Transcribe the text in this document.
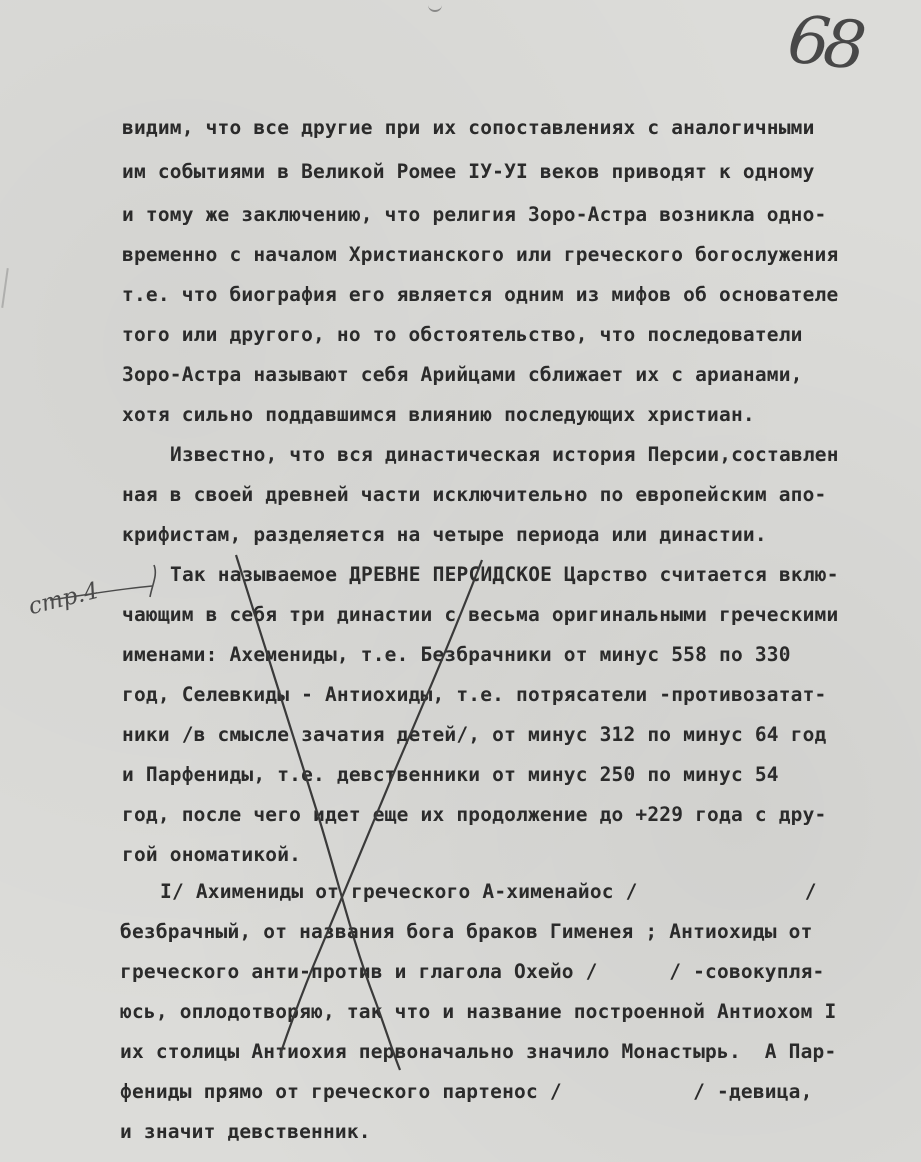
68
стр.4
видим, что все другие при их сопоставлениях с аналогичными
им событиями в Великой Ромее IУ-УI веков приводят к одному
и тому же заключению, что религия Зоро-Астра возникла одно-
временно с началом Христианского или греческого богослужения
т.е. что биография его является одним из мифов об основателе
того или другого, но то обстоятельство, что последователи
Зоро-Астра называют себя Арийцами сближает их с арианами,
хотя сильно поддавшимся влиянию последующих христиан.
Известно, что вся династическая история Персии,составлен
ная в своей древней части исключительно по европейским апо-
крифистам, разделяется на четыре периода или династии.
Так называемое ДРЕВНЕ ПЕРСИДСКОЕ Царство считается вклю-
чающим в себя три династии с весьма оригинальными греческими
именами: Ахемениды, т.е. Безбрачники от минус 558 по 330
год, Селевкиды - Антиохиды, т.е. потрясатели -противозатат-
ники /в смысле зачатия детей/, от минус 312 по минус 64 год
и Парфениды, т.е. девственники от минус 250 по минус 54
год, после чего идет еще их продолжение до +229 года с дру-
гой ономатикой.
I/ Ахимениды от греческого А-хименайос /              /
безбрачный, от названия бога браков Гименея ; Антиохиды от
греческого анти-против и глагола Охейо /      / -совокупля-
юсь, оплодотворяю, так что и название построенной Антиохом I
их столицы Антиохия первоначально значило Монастырь.  А Пар-
фениды прямо от греческого партенос /           / -девица,
и значит девственник.
